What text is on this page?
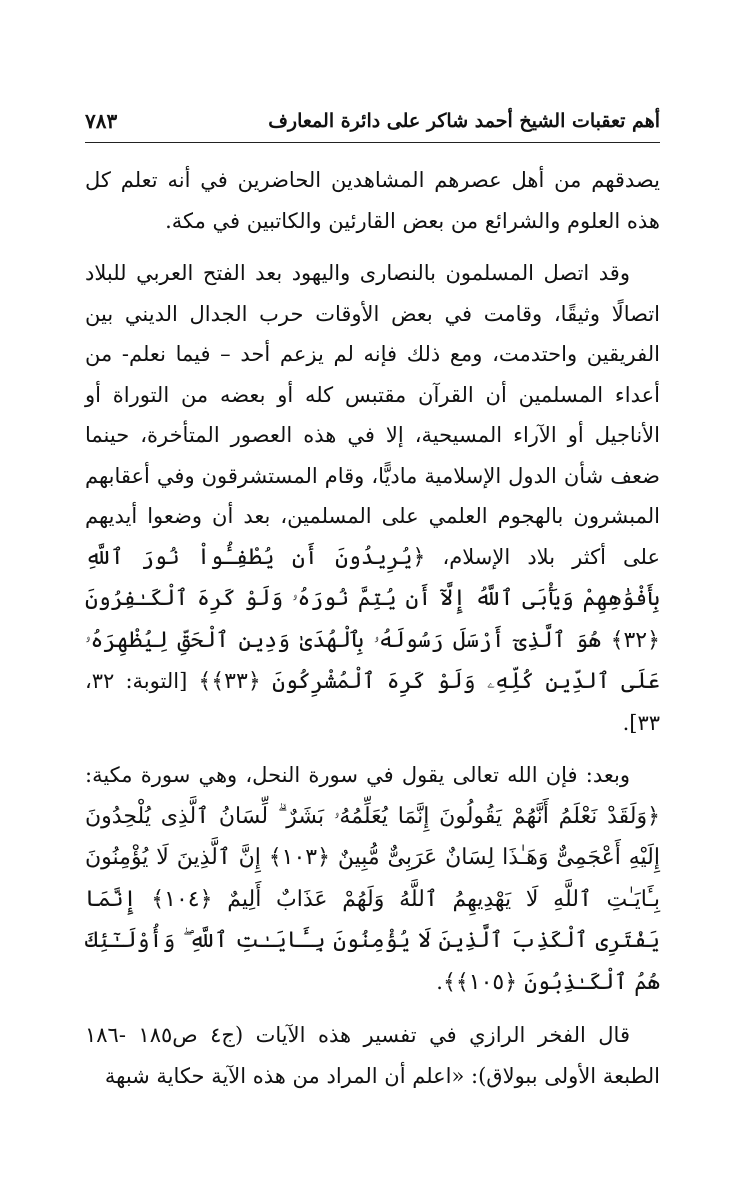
أهم تعقبات الشيخ أحمد شاكر على دائرة المعارف
٧٨٣

يصدقهم من أهل عصرهم المشاهدين الحاضرين في أنه تعلم كل هذه العلوم والشرائع من بعض القارئين والكاتبين في مكة.

وقد اتصل المسلمون بالنصارى واليهود بعد الفتح العربي للبلاد اتصالًا وثيقًا، وقامت في بعض الأوقات حرب الجدال الديني بين الفريقين واحتدمت، ومع ذلك فإنه لم يزعم أحد – فيما نعلم- من أعداء المسلمين أن القرآن مقتبس كله أو بعضه من التوراة أو الأناجيل أو الآراء المسيحية، إلا في هذه العصور المتأخرة، حينما ضعف شأن الدول الإسلامية ماديًّا، وقام المستشرقون وفي أعقابهم المبشرون بالهجوم العلمي على المسلمين، بعد أن وضعوا أيديهم على أكثر بلاد الإسلام، ﴿يُرِيدُونَ أَن يُطْفِـُٔواْ نُورَ ٱللَّهِ بِأَفْوَٰهِهِمْ وَيَأْبَى ٱللَّهُ إِلَّآ أَن يُتِمَّ نُورَهُۥ وَلَوْ كَرِهَ ٱلْكَـٰفِرُونَ ﴿٣٢﴾ هُوَ ٱلَّذِىٓ أَرْسَلَ رَسُولَهُۥ بِٱلْهُدَىٰ وَدِينِ ٱلْحَقِّ لِيُظْهِرَهُۥ عَلَى ٱلدِّينِ كُلِّهِۦ وَلَوْ كَرِهَ ٱلْمُشْرِكُونَ ﴿٣٣﴾﴾ [التوبة: ٣٢، ٣٣].

وبعد: فإن الله تعالى يقول في سورة النحل، وهي سورة مكية: ﴿وَلَقَدْ نَعْلَمُ أَنَّهُمْ يَقُولُونَ إِنَّمَا يُعَلِّمُهُۥ بَشَرٌ ۗ لِّسَانُ ٱلَّذِى يُلْحِدُونَ إِلَيْهِ أَعْجَمِىٌّ وَهَـٰذَا لِسَانٌ عَرَبِىٌّ مُّبِينٌ ﴿١٠٣﴾ إِنَّ ٱلَّذِينَ لَا يُؤْمِنُونَ بِـَٔايَـٰتِ ٱللَّهِ لَا يَهْدِيهِمُ ٱللَّهُ وَلَهُمْ عَذَابٌ أَلِيمٌ ﴿١٠٤﴾ إِنَّمَا يَفْتَرِى ٱلْكَذِبَ ٱلَّذِينَ لَا يُؤْمِنُونَ بِـَٔايَـٰتِ ٱللَّهِ ۖ وَأُوْلَـٰٓئِكَ هُمُ ٱلْكَـٰذِبُونَ ﴿١٠٥﴾﴾.

قال الفخر الرازي في تفسير هذه الآيات (ج٤ ص١٨٥ -١٨٦ الطبعة الأولى ببولاق): «اعلم أن المراد من هذه الآية حكاية شبهة
